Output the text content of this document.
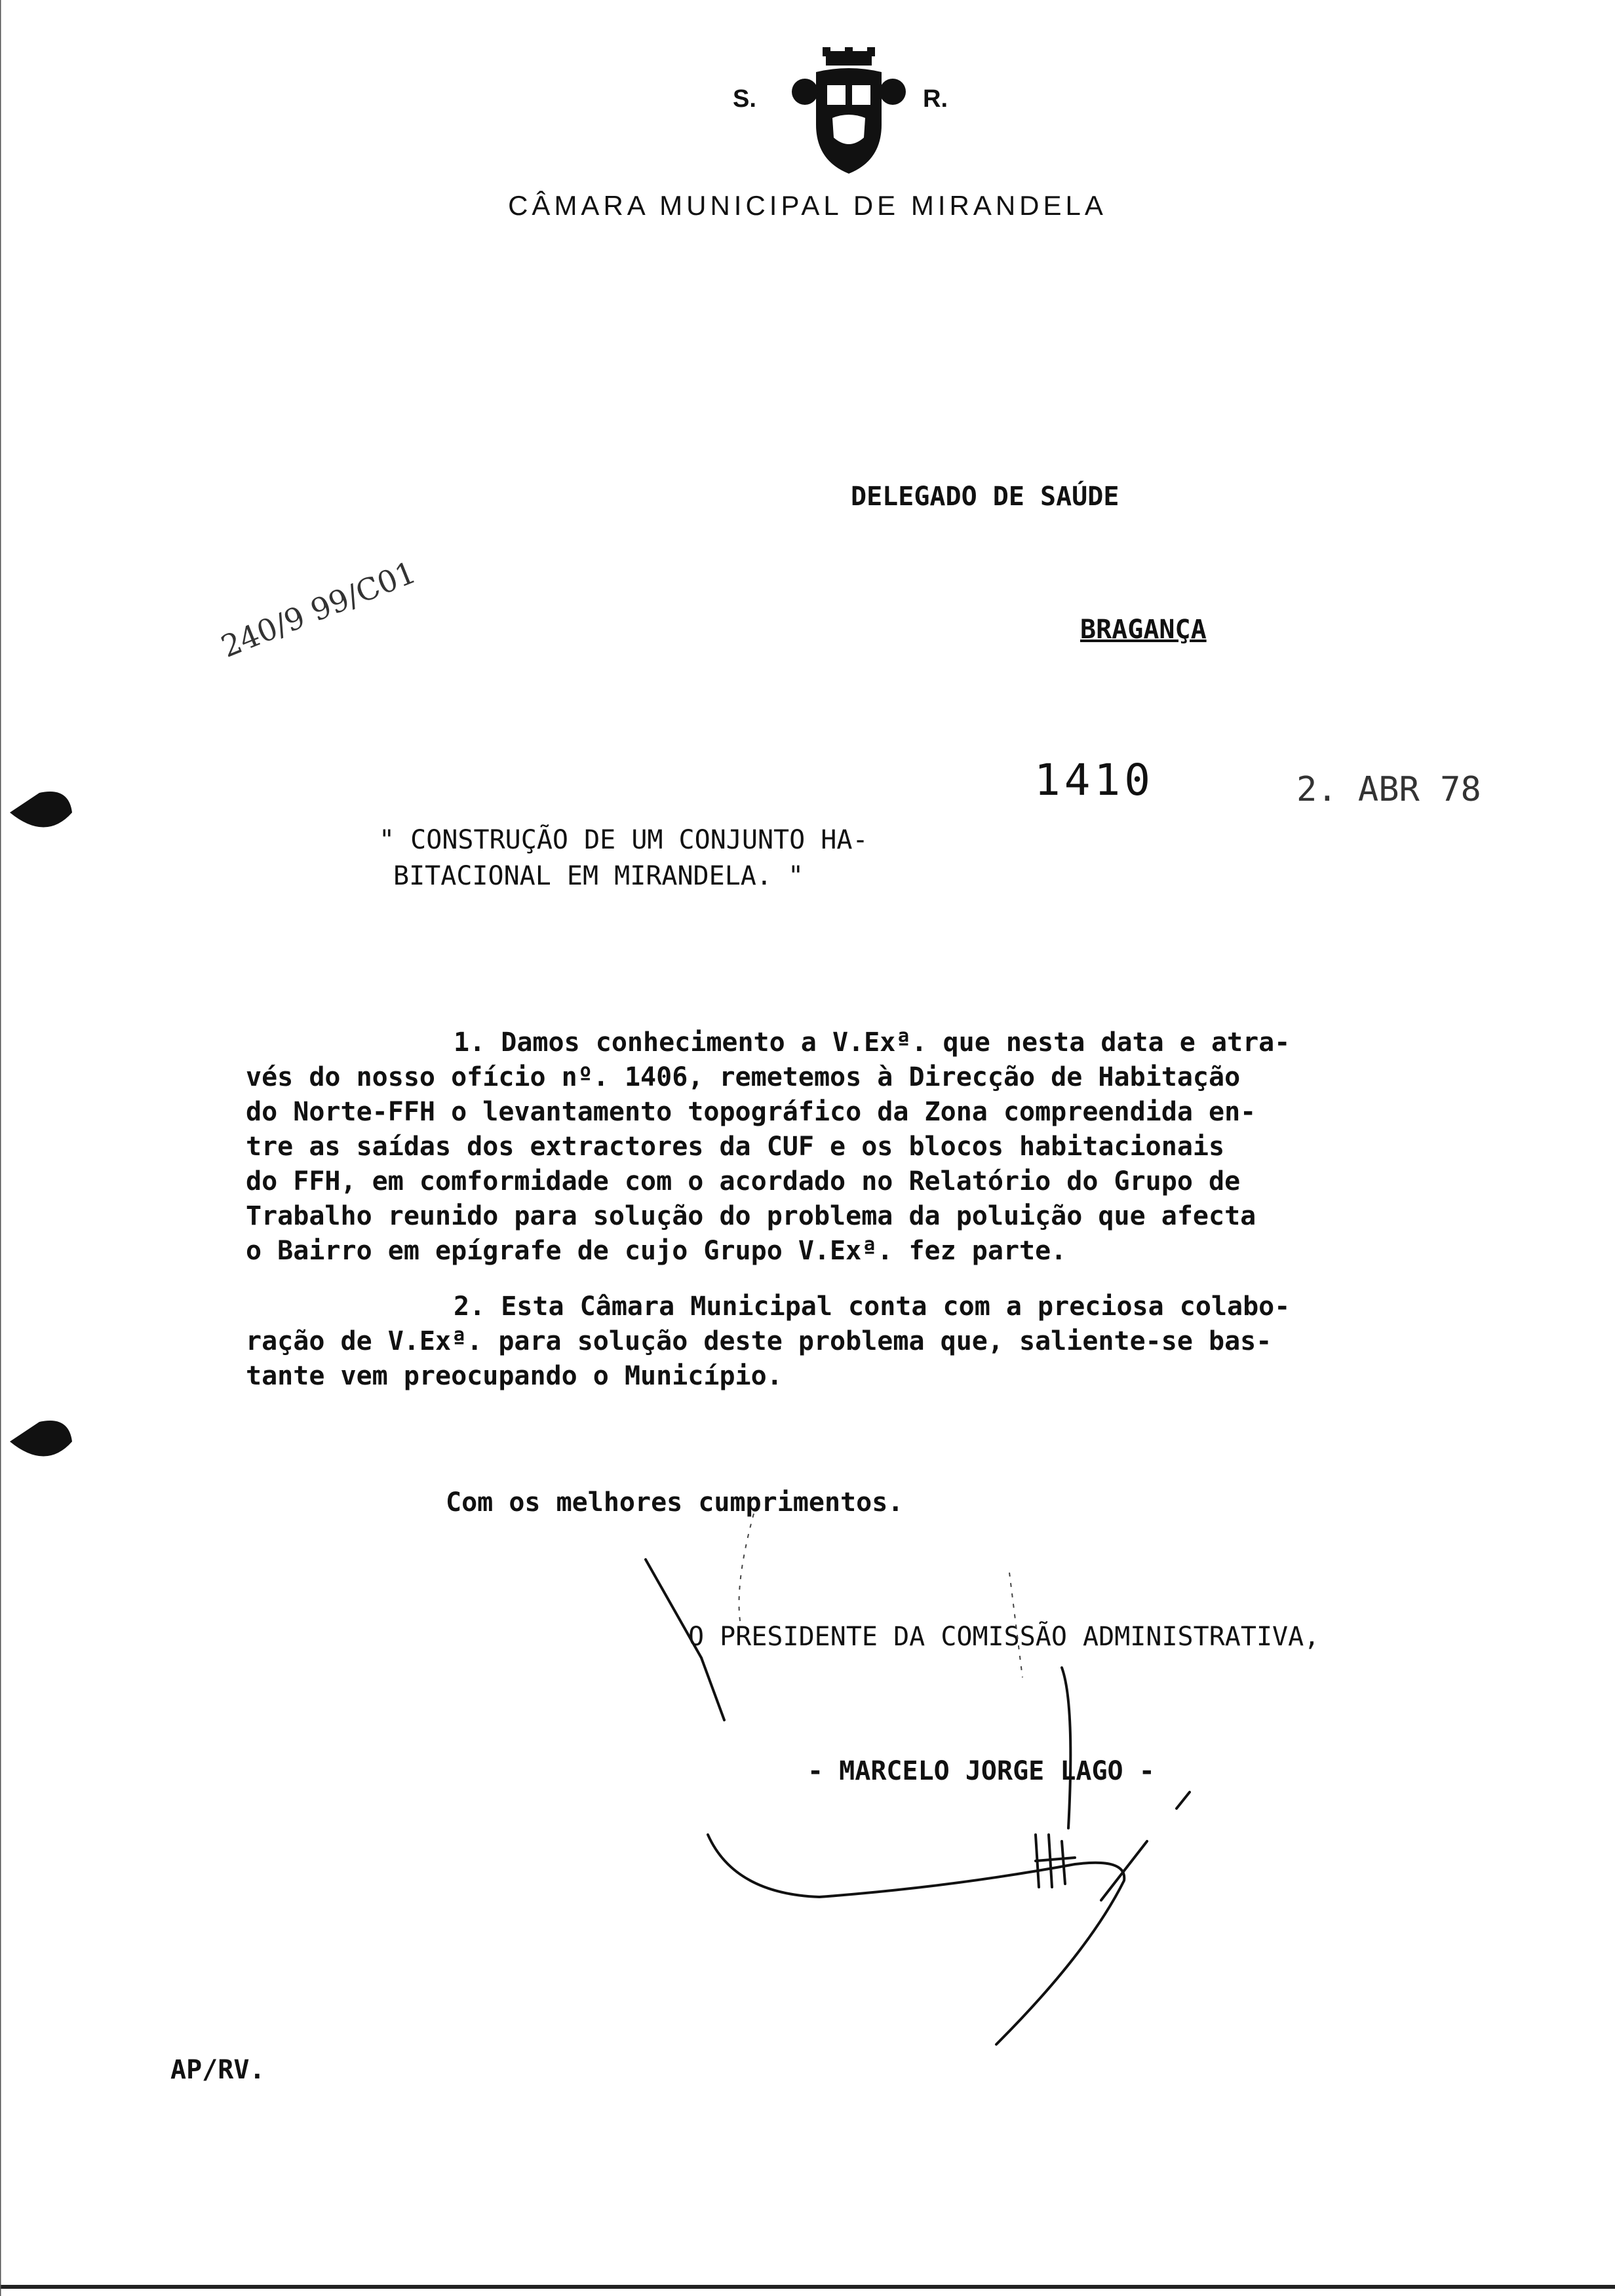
S.	R.
CÂMARA MUNICIPAL DE MIRANDELA
DELEGADO DE SAÚDE
BRAGANÇA
240/9 99/C01
1410	2. ABR 78
" CONSTRUÇÃO DE UM CONJUNTO HA-
BITACIONAL EM MIRANDELA. "
1. Damos conhecimento a V.Exª. que nesta data e atra-
vés do nosso ofício nº. 1406, remetemos à Direcção de Habitação
do Norte-FFH o levantamento topográfico da Zona compreendida en-
tre as saídas dos extractores da CUF e os blocos habitacionais
do FFH, em comformidade com o acordado no Relatório do Grupo de
Trabalho reunido para solução do problema da poluição que afecta
o Bairro em epígrafe de cujo Grupo V.Exª. fez parte.
2. Esta Câmara Municipal conta com a preciosa colabo-
ração de V.Exª. para solução deste problema que, saliente-se bas-
tante vem preocupando o Município.
Com os melhores cumprimentos.
O PRESIDENTE DA COMISSÃO ADMINISTRATIVA,
- MARCELO JORGE LAGO -
AP/RV.
